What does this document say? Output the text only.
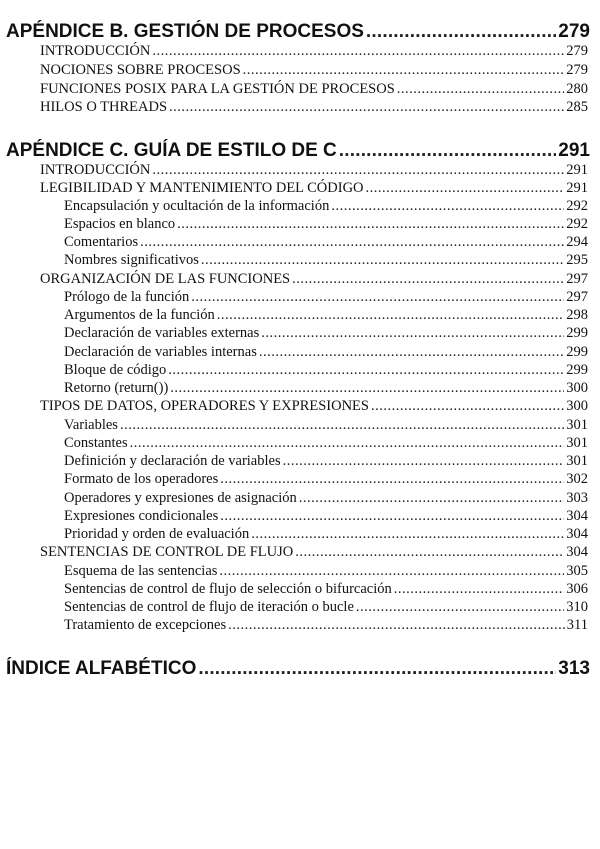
APÉNDICE B. GESTIÓN DE PROCESOS .....	279
INTRODUCCIÓN .....	279
NOCIONES SOBRE PROCESOS .....	279
FUNCIONES POSIX PARA LA GESTIÓN DE PROCESOS .....	280
HILOS O THREADS .....	285
APÉNDICE C. GUÍA DE ESTILO DE C .....	291
INTRODUCCIÓN .....	291
LEGIBILIDAD Y MANTENIMIENTO DEL CÓDIGO .....	291
Encapsulación y ocultación de la información .....	292
Espacios en blanco .....	292
Comentarios .....	294
Nombres significativos .....	295
ORGANIZACIÓN DE LAS FUNCIONES .....	297
Prólogo de la función .....	297
Argumentos de la función .....	298
Declaración de variables externas .....	299
Declaración de variables internas .....	299
Bloque de código .....	299
Retorno (return()) .....	300
TIPOS DE DATOS, OPERADORES Y EXPRESIONES .....	300
Variables .....	301
Constantes .....	301
Definición y declaración de variables .....	301
Formato de los operadores .....	302
Operadores y expresiones de asignación .....	303
Expresiones condicionales .....	304
Prioridad y orden de evaluación .....	304
SENTENCIAS DE CONTROL DE FLUJO .....	304
Esquema de las sentencias .....	305
Sentencias de control de flujo de selección o bifurcación .....	306
Sentencias de control de flujo de iteración o bucle .....	310
Tratamiento de excepciones .....	311
ÍNDICE ALFABÉTICO .....	313
